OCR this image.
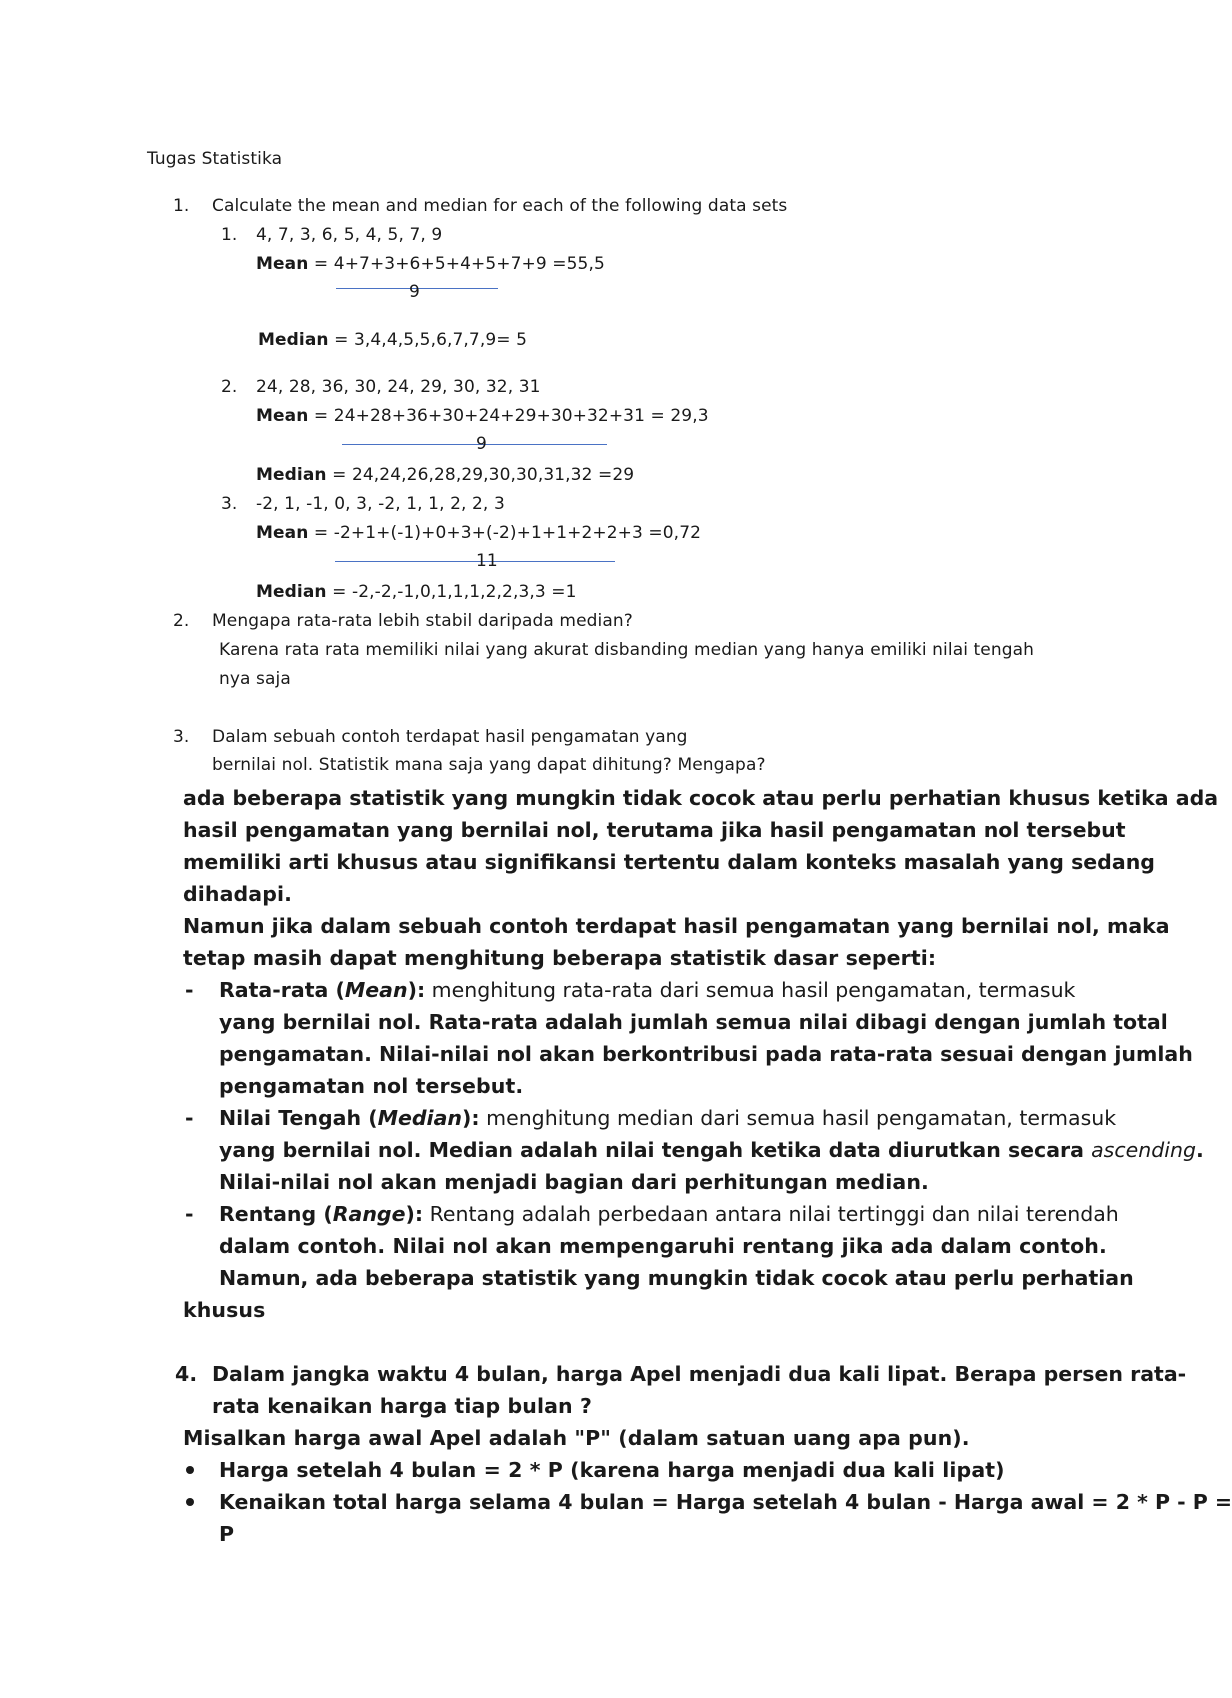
Tugas Statistika
1. Calculate the mean and median for each of the following data sets
1. 4, 7, 3, 6, 5, 4, 5, 7, 9
Mean = 4+7+3+6+5+4+5+7+9 =55,5
9
Median = 3,4,4,5,5,6,7,7,9= 5
2. 24, 28, 36, 30, 24, 29, 30, 32, 31
Mean = 24+28+36+30+24+29+30+32+31 = 29,3
9
Median = 24,24,26,28,29,30,30,31,32 =29
3. -2, 1, -1, 0, 3, -2, 1, 1, 2, 2, 3
Mean = -2+1+(-1)+0+3+(-2)+1+1+2+2+3 =0,72
11
Median = -2,-2,-1,0,1,1,1,2,2,3,3 =1
2. Mengapa rata-rata lebih stabil daripada median?
Karena rata rata memiliki nilai yang akurat disbanding median yang hanya emiliki nilai tengah
nya saja
3. Dalam sebuah contoh terdapat hasil pengamatan yang
bernilai nol. Statistik mana saja yang dapat dihitung? Mengapa?
ada beberapa statistik yang mungkin tidak cocok atau perlu perhatian khusus ketika ada
hasil pengamatan yang bernilai nol, terutama jika hasil pengamatan nol tersebut
memiliki arti khusus atau signifikansi tertentu dalam konteks masalah yang sedang
dihadapi.
Namun jika dalam sebuah contoh terdapat hasil pengamatan yang bernilai nol, maka
tetap masih dapat menghitung beberapa statistik dasar seperti:
- Rata-rata (Mean): menghitung rata-rata dari semua hasil pengamatan, termasuk
yang bernilai nol. Rata-rata adalah jumlah semua nilai dibagi dengan jumlah total
pengamatan. Nilai-nilai nol akan berkontribusi pada rata-rata sesuai dengan jumlah
pengamatan nol tersebut.
- Nilai Tengah (Median): menghitung median dari semua hasil pengamatan, termasuk
yang bernilai nol. Median adalah nilai tengah ketika data diurutkan secara ascending.
Nilai-nilai nol akan menjadi bagian dari perhitungan median.
- Rentang (Range): Rentang adalah perbedaan antara nilai tertinggi dan nilai terendah
dalam contoh. Nilai nol akan mempengaruhi rentang jika ada dalam contoh.
Namun, ada beberapa statistik yang mungkin tidak cocok atau perlu perhatian
khusus
4. Dalam jangka waktu 4 bulan, harga Apel menjadi dua kali lipat. Berapa persen rata-
rata kenaikan harga tiap bulan ?
Misalkan harga awal Apel adalah "P" (dalam satuan uang apa pun).
Harga setelah 4 bulan = 2 * P (karena harga menjadi dua kali lipat)
Kenaikan total harga selama 4 bulan = Harga setelah 4 bulan - Harga awal = 2 * P - P =
P
